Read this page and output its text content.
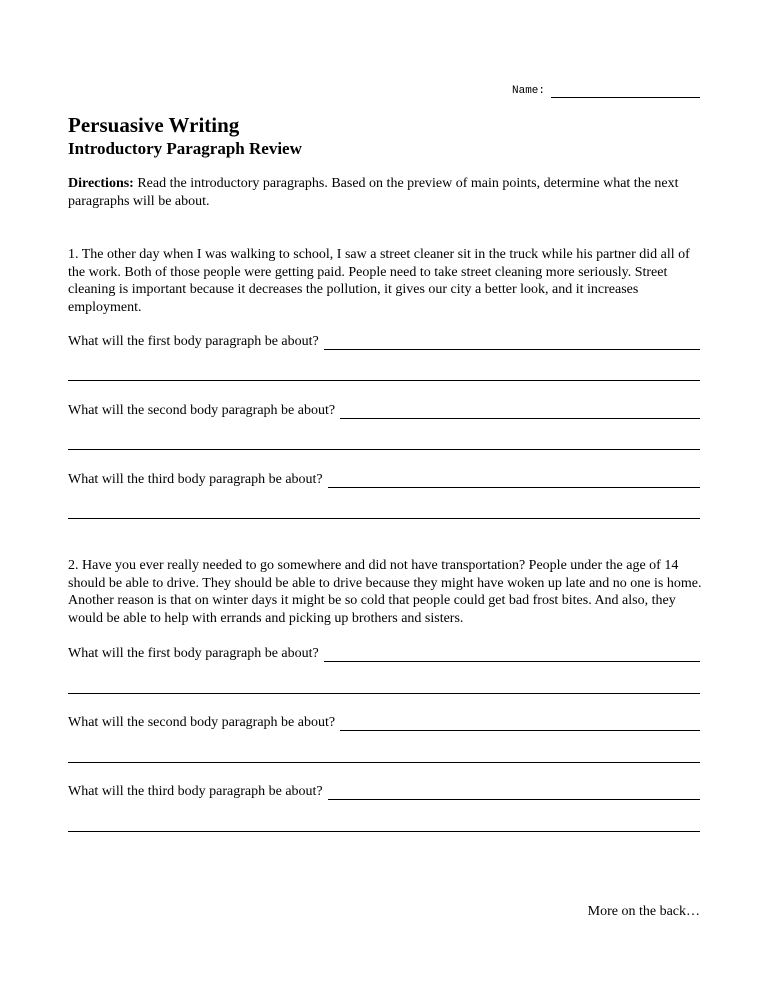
Name:
Persuasive Writing
Introductory Paragraph Review
Directions: Read the introductory paragraphs. Based on the preview of main points, determine what the next paragraphs will be about.
1. The other day when I was walking to school, I saw a street cleaner sit in the truck while his partner did all of the work. Both of those people were getting paid. People need to take street cleaning more seriously. Street cleaning is important because it decreases the pollution, it gives our city a better look, and it increases employment.
What will the first body paragraph be about?
What will the second body paragraph be about?
What will the third body paragraph be about?
2. Have you ever really needed to go somewhere and did not have transportation? People under the age of 14 should be able to drive. They should be able to drive because they might have woken up late and no one is home. Another reason is that on winter days it might be so cold that people could get bad frost bites. And also, they would be able to help with errands and picking up brothers and sisters.
What will the first body paragraph be about?
What will the second body paragraph be about?
What will the third body paragraph be about?
More on the back…
